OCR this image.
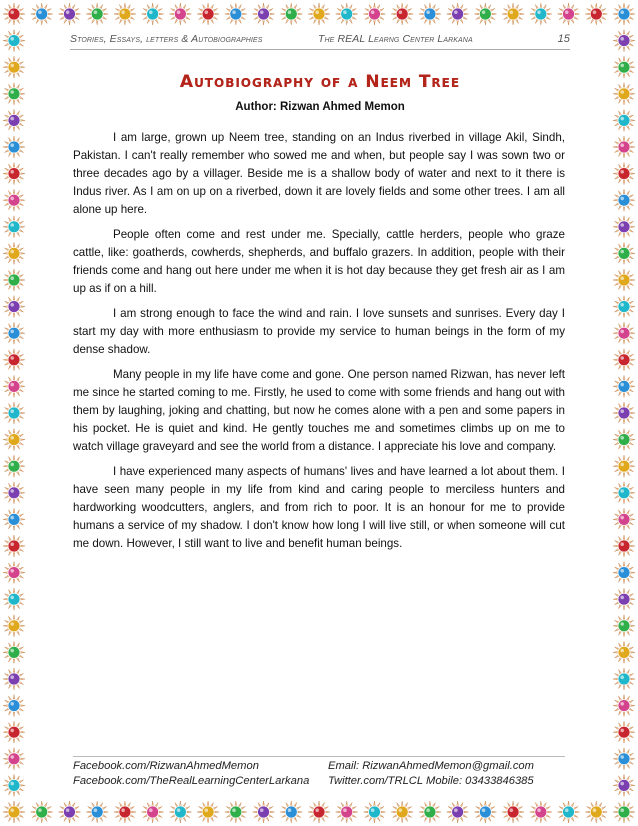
Stories, Essays, letters & Autobiographies	The REAL Learng Center Larkana	15
Autobiography of a Neem Tree
Author: Rizwan Ahmed Memon

I am large, grown up Neem tree, standing on an Indus riverbed in village Akil, Sindh, Pakistan. I can't really remember who sowed me and when, but people say I was sown two or three decades ago by a villager. Beside me is a shallow body of water and next to it there is Indus river. As I am on up on a riverbed, down it are lovely fields and some other trees. I am all alone up here.

People often come and rest under me. Specially, cattle herders, people who graze cattle, like: goatherds, cowherds, shepherds, and buffalo grazers. In addition, people with their friends come and hang out here under me when it is hot day because they get fresh air as I am up as if on a hill.

I am strong enough to face the wind and rain. I love sunsets and sunrises. Every day I start my day with more enthusiasm to provide my service to human beings in the form of my dense shadow.

Many people in my life have come and gone. One person named Rizwan, has never left me since he started coming to me. Firstly, he used to come with some friends and hang out with them by laughing, joking and chatting, but now he comes alone with a pen and some papers in his pocket. He is quiet and kind. He gently touches me and sometimes climbs up on me to watch village graveyard and see the world from a distance. I appreciate his love and company.

I have experienced many aspects of humans' lives and have learned a lot about them. I have seen many people in my life from kind and caring people to merciless hunters and hardworking woodcutters, anglers, and from rich to poor. It is an honour for me to provide humans a service of my shadow. I don't know how long I will live still, or when someone will cut me down. However, I still want to live and benefit human beings.

Facebook.com/RizwanAhmedMemon	Email: RizwanAhmedMemon@gmail.com
Facebook.com/TheRealLearningCenterLarkana Twitter.com/TRLCL Mobile: 03433846385
